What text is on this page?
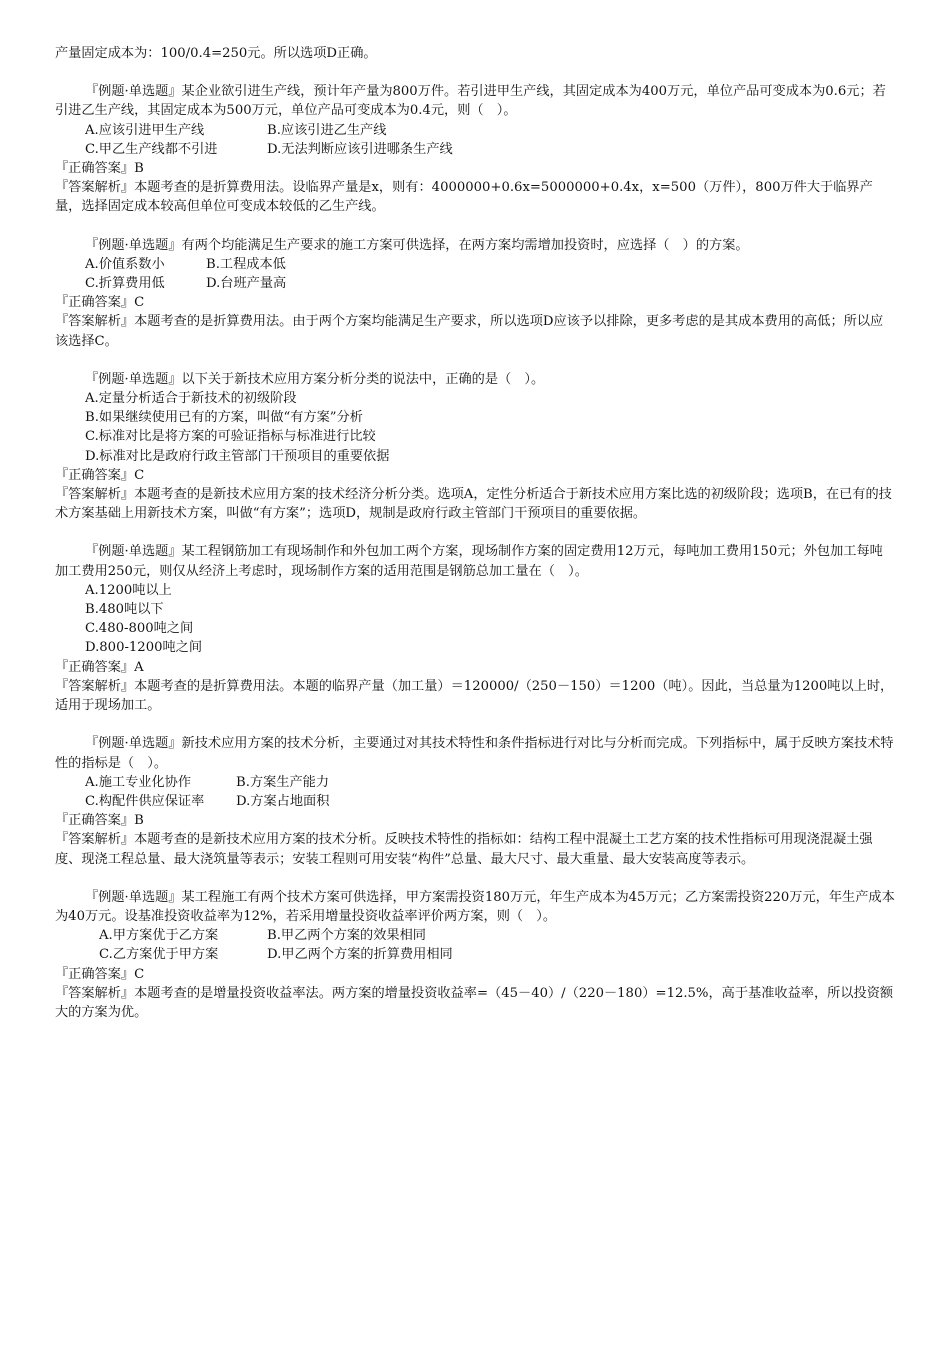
产量固定成本为：100/0.4=250元。所以选项D正确。
『例题·单选题』某企业欲引进生产线，预计年产量为800万件。若引进甲生产线，其固定成本为400万元，单位产品可变成本为0.6元；若引进乙生产线，其固定成本为500万元，单位产品可变成本为0.4元，则（　）。
A.应该引进甲生产线	B.应该引进乙生产线
C.甲乙生产线都不引进	D.无法判断应该引进哪条生产线
『正确答案』B
『答案解析』本题考查的是折算费用法。设临界产量是x，则有：4000000+0.6x=5000000+0.4x，x=500（万件），800万件大于临界产量，选择固定成本较高但单位可变成本较低的乙生产线。
『例题·单选题』有两个均能满足生产要求的施工方案可供选择，在两方案均需增加投资时，应选择（　）的方案。
A.价值系数小	B.工程成本低
C.折算费用低	D.台班产量高
『正确答案』C
『答案解析』本题考查的是折算费用法。由于两个方案均能满足生产要求，所以选项D应该予以排除，更多考虑的是其成本费用的高低；所以应该选择C。
『例题·单选题』以下关于新技术应用方案分析分类的说法中，正确的是（　）。
A.定量分析适合于新技术的初级阶段
B.如果继续使用已有的方案，叫做“有方案”分析
C.标准对比是将方案的可验证指标与标准进行比较
D.标准对比是政府行政主管部门干预项目的重要依据
『正确答案』C
『答案解析』本题考查的是新技术应用方案的技术经济分析分类。选项A，定性分析适合于新技术应用方案比选的初级阶段；选项B，在已有的技术方案基础上用新技术方案，叫做“有方案”；选项D，规制是政府行政主管部门干预项目的重要依据。
『例题·单选题』某工程钢筋加工有现场制作和外包加工两个方案，现场制作方案的固定费用12万元，每吨加工费用150元；外包加工每吨加工费用250元，则仅从经济上考虑时，现场制作方案的适用范围是钢筋总加工量在（　）。
A.1200吨以上
B.480吨以下
C.480-800吨之间
D.800-1200吨之间
『正确答案』A
『答案解析』本题考查的是折算费用法。本题的临界产量（加工量）＝120000/（250－150）＝1200（吨）。因此，当总量为1200吨以上时，适用于现场加工。
『例题·单选题』新技术应用方案的技术分析，主要通过对其技术特性和条件指标进行对比与分析而完成。下列指标中，属于反映方案技术特性的指标是（　）。
A.施工专业化协作	B.方案生产能力
C.构配件供应保证率 D.方案占地面积
『正确答案』B
『答案解析』本题考查的是新技术应用方案的技术分析。反映技术特性的指标如：结构工程中混凝土工艺方案的技术性指标可用现浇混凝土强度、现浇工程总量、最大浇筑量等表示；安装工程则可用安装“构件”总量、最大尺寸、最大重量、最大安装高度等表示。
『例题·单选题』某工程施工有两个技术方案可供选择，甲方案需投资180万元，年生产成本为45万元；乙方案需投资220万元，年生产成本为40万元。设基准投资收益率为12%，若采用增量投资收益率评价两方案，则（　）。
A.甲方案优于乙方案	B.甲乙两个方案的效果相同
C.乙方案优于甲方案	D.甲乙两个方案的折算费用相同
『正确答案』C
『答案解析』本题考查的是增量投资收益率法。两方案的增量投资收益率=（45－40）/（220－180）=12.5%，高于基准收益率，所以投资额大的方案为优。
